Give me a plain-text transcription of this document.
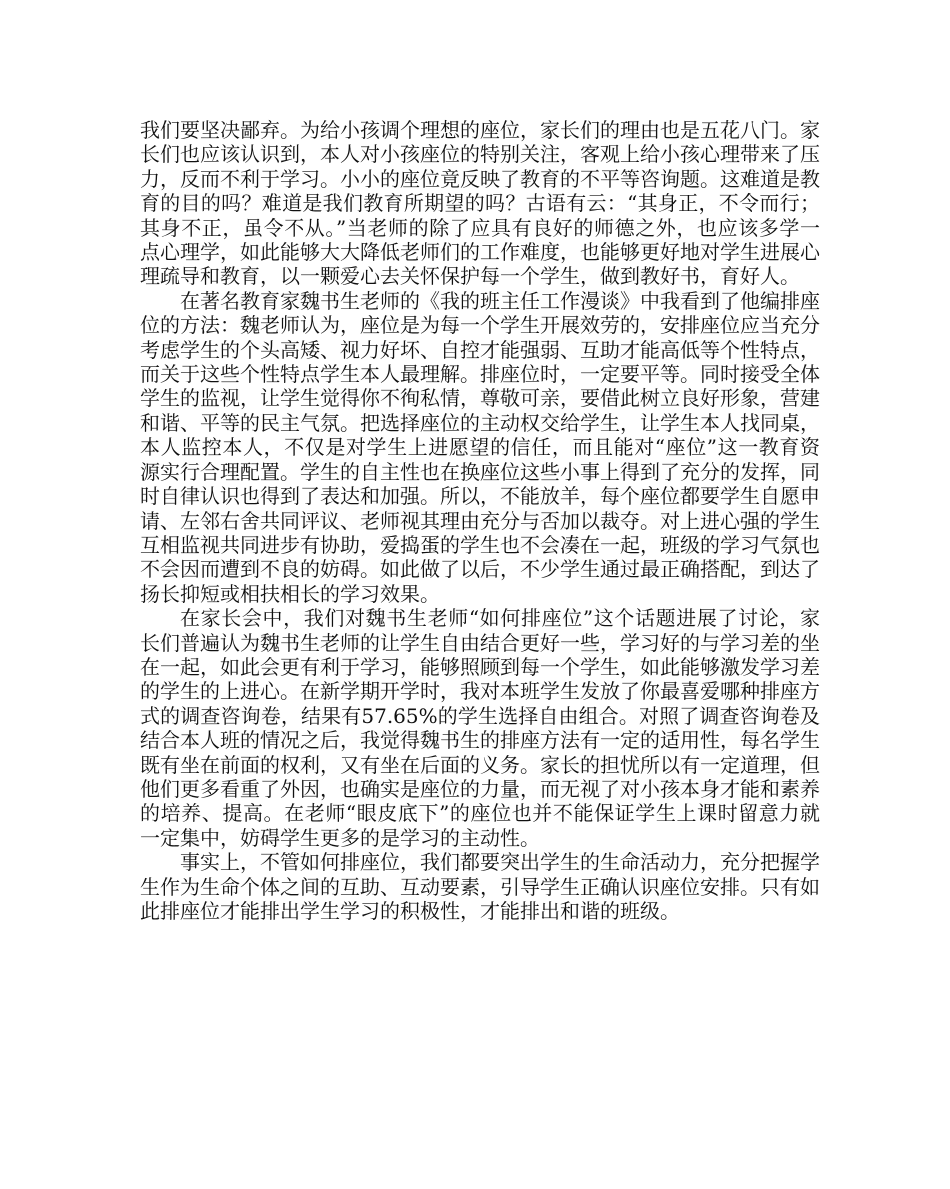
我们要坚决鄙弃。为给小孩调个理想的座位，家长们的理由也是五花八门。家长们也应该认识到，本人对小孩座位的特别关注，客观上给小孩心理带来了压力，反而不利于学习。小小的座位竟反映了教育的不平等咨询题。这难道是教育的目的吗？难道是我们教育所期望的吗？古语有云：“其身正，不令而行；其身不正，虽令不从。”当老师的除了应具有良好的师德之外，也应该多学一点心理学，如此能够大大降低老师们的工作难度，也能够更好地对学生进展心理疏导和教育，以一颗爱心去关怀保护每一个学生，做到教好书，育好人。

在著名教育家魏书生老师的《我的班主任工作漫谈》中我看到了他编排座位的方法：魏老师认为，座位是为每一个学生开展效劳的，安排座位应当充分考虑学生的个头高矮、视力好坏、自控才能强弱、互助才能高低等个性特点，而关于这些个性特点学生本人最理解。排座位时，一定要平等。同时接受全体学生的监视，让学生觉得你不徇私情，尊敬可亲，要借此树立良好形象，营建和谐、平等的民主气氛。把选择座位的主动权交给学生，让学生本人找同桌，本人监控本人，不仅是对学生上进愿望的信任，而且能对“座位”这一教育资源实行合理配置。学生的自主性也在换座位这些小事上得到了充分的发挥，同时自律认识也得到了表达和加强。所以，不能放羊，每个座位都要学生自愿申请、左邻右舍共同评议、老师视其理由充分与否加以裁夺。对上进心强的学生互相监视共同进步有协助，爱捣蛋的学生也不会凑在一起，班级的学习气氛也不会因而遭到不良的妨碍。如此做了以后，不少学生通过最正确搭配，到达了扬长抑短或相扶相长的学习效果。

在家长会中，我们对魏书生老师“如何排座位”这个话题进展了讨论，家长们普遍认为魏书生老师的让学生自由结合更好一些，学习好的与学习差的坐在一起，如此会更有利于学习，能够照顾到每一个学生，如此能够激发学习差的学生的上进心。在新学期开学时，我对本班学生发放了你最喜爱哪种排座方式的调查咨询卷，结果有57.65%的学生选择自由组合。对照了调查咨询卷及结合本人班的情况之后，我觉得魏书生的排座方法有一定的适用性，每名学生既有坐在前面的权利，又有坐在后面的义务。家长的担忧所以有一定道理，但他们更多看重了外因，也确实是座位的力量，而无视了对小孩本身才能和素养的培养、提高。在老师“眼皮底下”的座位也并不能保证学生上课时留意力就一定集中，妨碍学生更多的是学习的主动性。

事实上，不管如何排座位，我们都要突出学生的生命活动力，充分把握学生作为生命个体之间的互助、互动要素，引导学生正确认识座位安排。只有如此排座位才能排出学生学习的积极性，才能排出和谐的班级。
